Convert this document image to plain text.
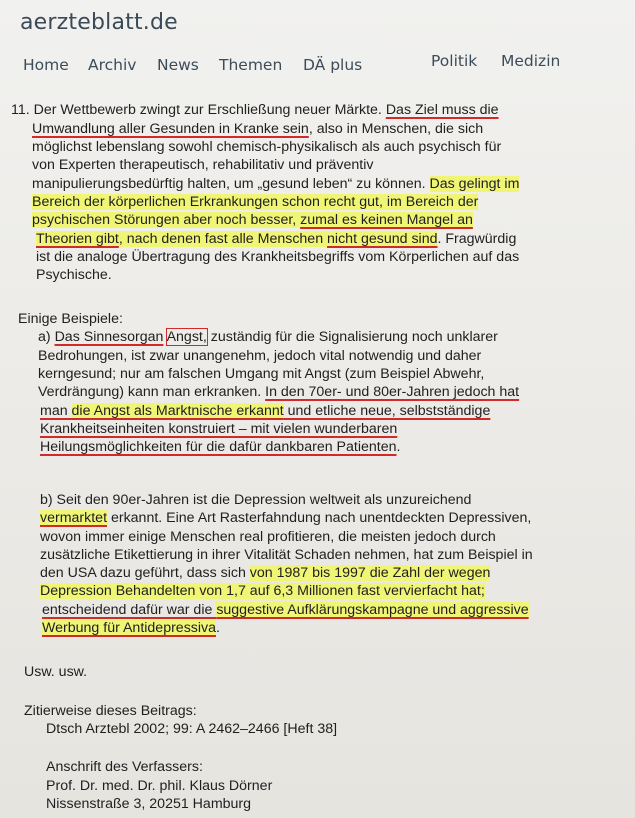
aerzteblatt.de
Home Archiv News Themen DÄ plus	Politik Medizin
11. Der Wettbewerb zwingt zur Erschließung neuer Märkte. Das Ziel muss die
Umwandlung aller Gesunden in Kranke sein, also in Menschen, die sich
möglichst lebenslang sowohl chemisch-physikalisch als auch psychisch für
von Experten therapeutisch, rehabilitativ und präventiv
manipulierungsbedürftig halten, um „gesund leben“ zu können. Das gelingt im
Bereich der körperlichen Erkrankungen schon recht gut, im Bereich der
psychischen Störungen aber noch besser, zumal es keinen Mangel an
Theorien gibt, nach denen fast alle Menschen nicht gesund sind. Fragwürdig
ist die analoge Übertragung des Krankheitsbegriffs vom Körperlichen auf das
Psychische.
Einige Beispiele:
a) Das Sinnesorgan Angst, zuständig für die Signalisierung noch unklarer
Bedrohungen, ist zwar unangenehm, jedoch vital notwendig und daher
kerngesund; nur am falschen Umgang mit Angst (zum Beispiel Abwehr,
Verdrängung) kann man erkranken. In den 70er- und 80er-Jahren jedoch hat
man die Angst als Marktnische erkannt und etliche neue, selbstständige
Krankheitseinheiten konstruiert – mit vielen wunderbaren
Heilungsmöglichkeiten für die dafür dankbaren Patienten.
b) Seit den 90er-Jahren ist die Depression weltweit als unzureichend
vermarktet erkannt. Eine Art Rasterfahndung nach unentdeckten Depressiven,
wovon immer einige Menschen real profitieren, die meisten jedoch durch
zusätzliche Etikettierung in ihrer Vitalität Schaden nehmen, hat zum Beispiel in
den USA dazu geführt, dass sich von 1987 bis 1997 die Zahl der wegen
Depression Behandelten von 1,7 auf 6,3 Millionen fast vervierfacht hat;
entscheidend dafür war die suggestive Aufklärungskampagne und aggressive
Werbung für Antidepressiva.
Usw. usw.
Zitierweise dieses Beitrags:
Dtsch Arztebl 2002; 99: A 2462–2466 [Heft 38]
Anschrift des Verfassers:
Prof. Dr. med. Dr. phil. Klaus Dörner
Nissenstraße 3, 20251 Hamburg
